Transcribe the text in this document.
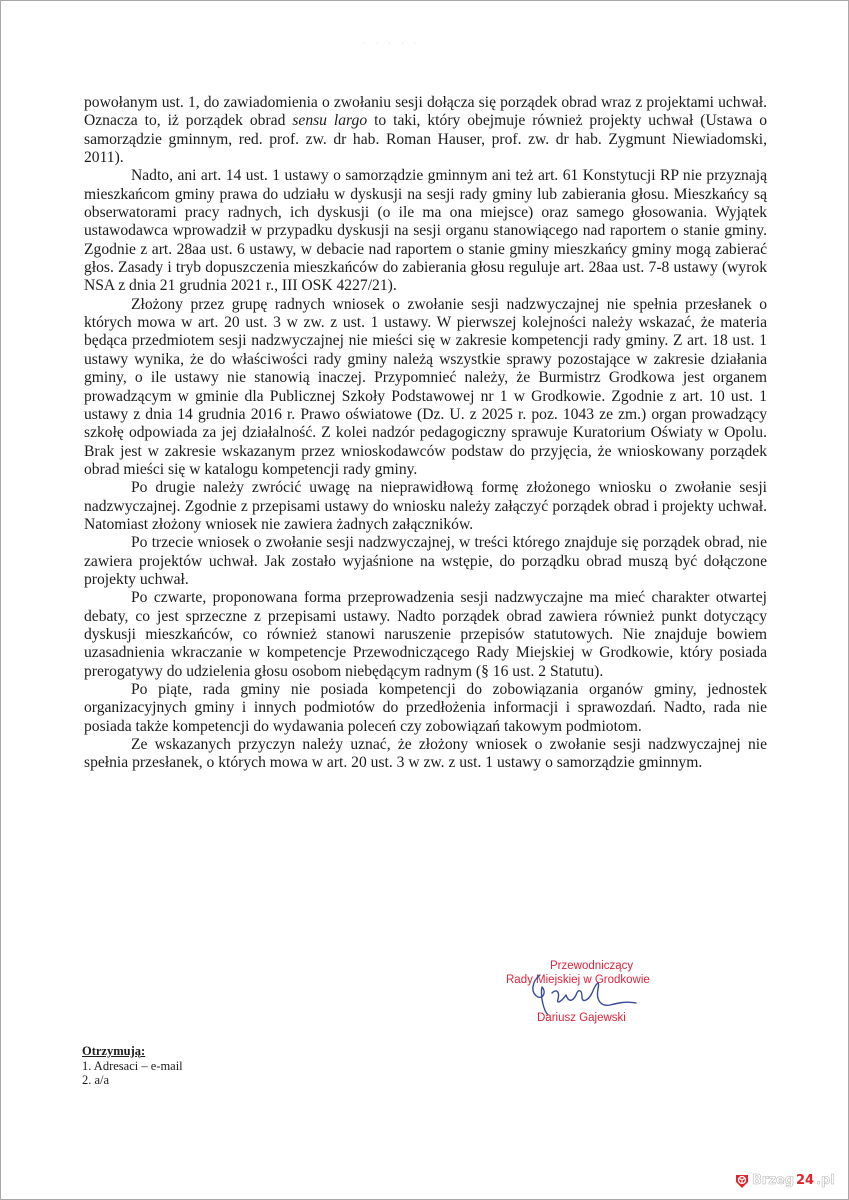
· · · · ·

powołanym ust. 1, do zawiadomienia o zwołaniu sesji dołącza się porządek obrad wraz z projektami uchwał. Oznacza to, iż porządek obrad sensu largo to taki, który obejmuje również projekty uchwał (Ustawa o samorządzie gminnym, red. prof. zw. dr hab. Roman Hauser, prof. zw. dr hab. Zygmunt Niewiadomski, 2011).

Nadto, ani art. 14 ust. 1 ustawy o samorządzie gminnym ani też art. 61 Konstytucji RP nie przyznają mieszkańcom gminy prawa do udziału w dyskusji na sesji rady gminy lub zabierania głosu. Mieszkańcy są obserwatorami pracy radnych, ich dyskusji (o ile ma ona miejsce) oraz samego głosowania. Wyjątek ustawodawca wprowadził w przypadku dyskusji na sesji organu stanowiącego nad raportem o stanie gminy. Zgodnie z art. 28aa ust. 6 ustawy, w debacie nad raportem o stanie gminy mieszkańcy gminy mogą zabierać głos. Zasady i tryb dopuszczenia mieszkańców do zabierania głosu reguluje art. 28aa ust. 7-8 ustawy (wyrok NSA z dnia 21 grudnia 2021 r., III OSK 4227/21).

Złożony przez grupę radnych wniosek o zwołanie sesji nadzwyczajnej nie spełnia przesłanek o których mowa w art. 20 ust. 3 w zw. z ust. 1 ustawy. W pierwszej kolejności należy wskazać, że materia będąca przedmiotem sesji nadzwyczajnej nie mieści się w zakresie kompetencji rady gminy. Z art. 18 ust. 1 ustawy wynika, że do właściwości rady gminy należą wszystkie sprawy pozostające w zakresie działania gminy, o ile ustawy nie stanowią inaczej. Przypomnieć należy, że Burmistrz Grodkowa jest organem prowadzącym w gminie dla Publicznej Szkoły Podstawowej nr 1 w Grodkowie. Zgodnie z art. 10 ust. 1 ustawy z dnia 14 grudnia 2016 r. Prawo oświatowe (Dz. U. z 2025 r. poz. 1043 ze zm.) organ prowadzący szkołę odpowiada za jej działalność. Z kolei nadzór pedagogiczny sprawuje Kuratorium Oświaty w Opolu. Brak jest w zakresie wskazanym przez wnioskodawców podstaw do przyjęcia, że wnioskowany porządek obrad mieści się w katalogu kompetencji rady gminy.

Po drugie należy zwrócić uwagę na nieprawidłową formę złożonego wniosku o zwołanie sesji nadzwyczajnej. Zgodnie z przepisami ustawy do wniosku należy załączyć porządek obrad i projekty uchwał. Natomiast złożony wniosek nie zawiera żadnych załączników.

Po trzecie wniosek o zwołanie sesji nadzwyczajnej, w treści którego znajduje się porządek obrad, nie zawiera projektów uchwał. Jak zostało wyjaśnione na wstępie, do porządku obrad muszą być dołączone projekty uchwał.

Po czwarte, proponowana forma przeprowadzenia sesji nadzwyczajne ma mieć charakter otwartej debaty, co jest sprzeczne z przepisami ustawy. Nadto porządek obrad zawiera również punkt dotyczący dyskusji mieszkańców, co również stanowi naruszenie przepisów statutowych. Nie znajduje bowiem uzasadnienia wkraczanie w kompetencje Przewodniczącego Rady Miejskiej w Grodkowie, który posiada prerogatywy do udzielenia głosu osobom niebędącym radnym (§ 16 ust. 2 Statutu).

Po piąte, rada gminy nie posiada kompetencji do zobowiązania organów gminy, jednostek organizacyjnych gminy i innych podmiotów do przedłożenia informacji i sprawozdań. Nadto, rada nie posiada także kompetencji do wydawania poleceń czy zobowiązań takowym podmiotom.

Ze wskazanych przyczyn należy uznać, że złożony wniosek o zwołanie sesji nadzwyczajnej nie spełnia przesłanek, o których mowa w art. 20 ust. 3 w zw. z ust. 1 ustawy o samorządzie gminnym.

Przewodniczący
Rady Miejskiej w Grodkowie
Dariusz Gajewski
Otrzymują:
1. Adresaci – e-mail
2. a/a
Brzeg 24 .pl
